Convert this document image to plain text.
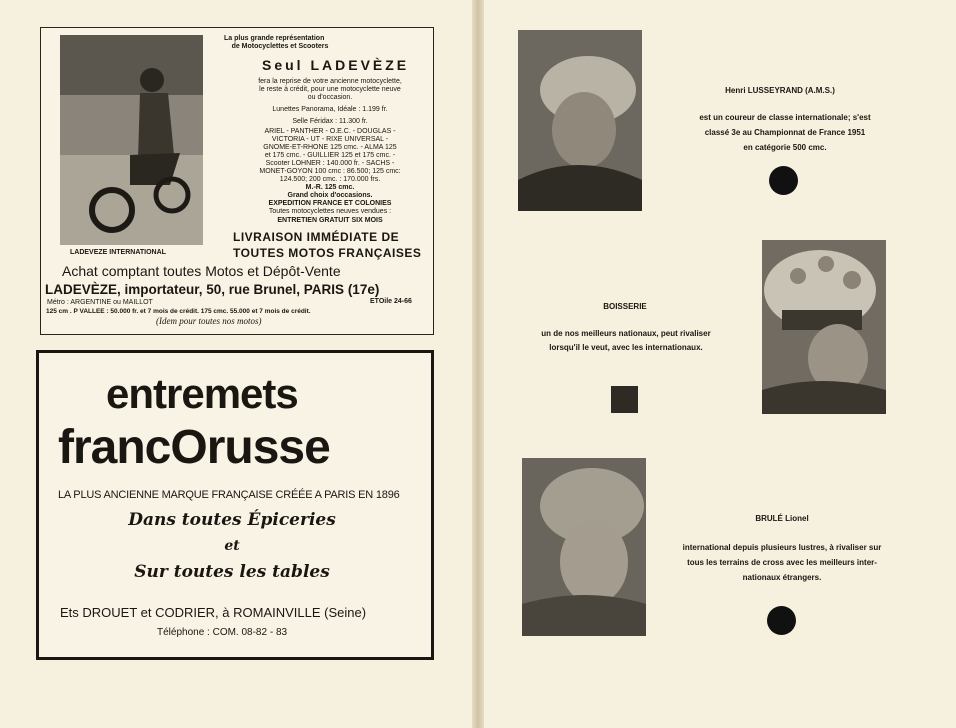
LADEVEZE INTERNATIONAL
La plus grande représentation
de Motocyclettes et Scooters
Seul LADEVÈZE
fera la reprise de votre ancienne motocyclette,
le reste à crédit, pour une motocyclette neuve
ou d'occasion.
Lunettes Panorama, Idéale : 1.199 fr.
Selle Féridax : 11.300 fr.
ARIEL - PANTHER - O.E.C. - DOUGLAS -
VICTORIA - UT - RIXE UNIVERSAL -
GNOME-ET-RHONE 125 cmc. - ALMA 125
et 175 cmc. - GUILLIER 125 et 175 cmc. -
Scooter LOHNER : 140.000 fr. - SACHS -
MONET-GOYON 100 cmc : 86.500; 125 cmc:
124.500; 200 cmc. : 170.000 frs.
M.-R. 125 cmc.
Grand choix d'occasions.
EXPEDITION FRANCE ET COLONIES
Toutes motocyclettes neuves vendues :
ENTRETIEN GRATUIT SIX MOIS
LIVRAISON IMMÉDIATE DE
TOUTES MOTOS FRANÇAISES
Achat comptant toutes Motos et Dépôt-Vente
LADEVÈZE, importateur, 50, rue Brunel, PARIS (17e)
Métro : ARGENTINE ou MAILLOT	ETOile 24-66
125 cm . P VALLEE : 50.000 fr. et 7 mois de crédit. 175 cmc. 55.000 et 7 mois de crédit.
(Idem pour toutes nos motos)
entremets
francOrusse
LA PLUS ANCIENNE MARQUE FRANÇAISE CRÉÉE A PARIS EN 1896
Dans toutes Épiceries
et
Sur toutes les tables
Ets DROUET et CODRIER, à ROMAINVILLE (Seine)
Téléphone : COM. 08-82 - 83
Henri LUSSEYRAND (A.M.S.)
est un coureur de classe internationale; s'est
classé 3e au Championnat de France 1951
en catégorie 500 cmc.
BOISSERIE
un de nos meilleurs nationaux, peut rivaliser
lorsqu'il le veut, avec les internationaux.
BRULÉ Lionel
international depuis plusieurs lustres, à rivaliser sur
tous les terrains de cross avec les meilleurs inter-
nationaux étrangers.
